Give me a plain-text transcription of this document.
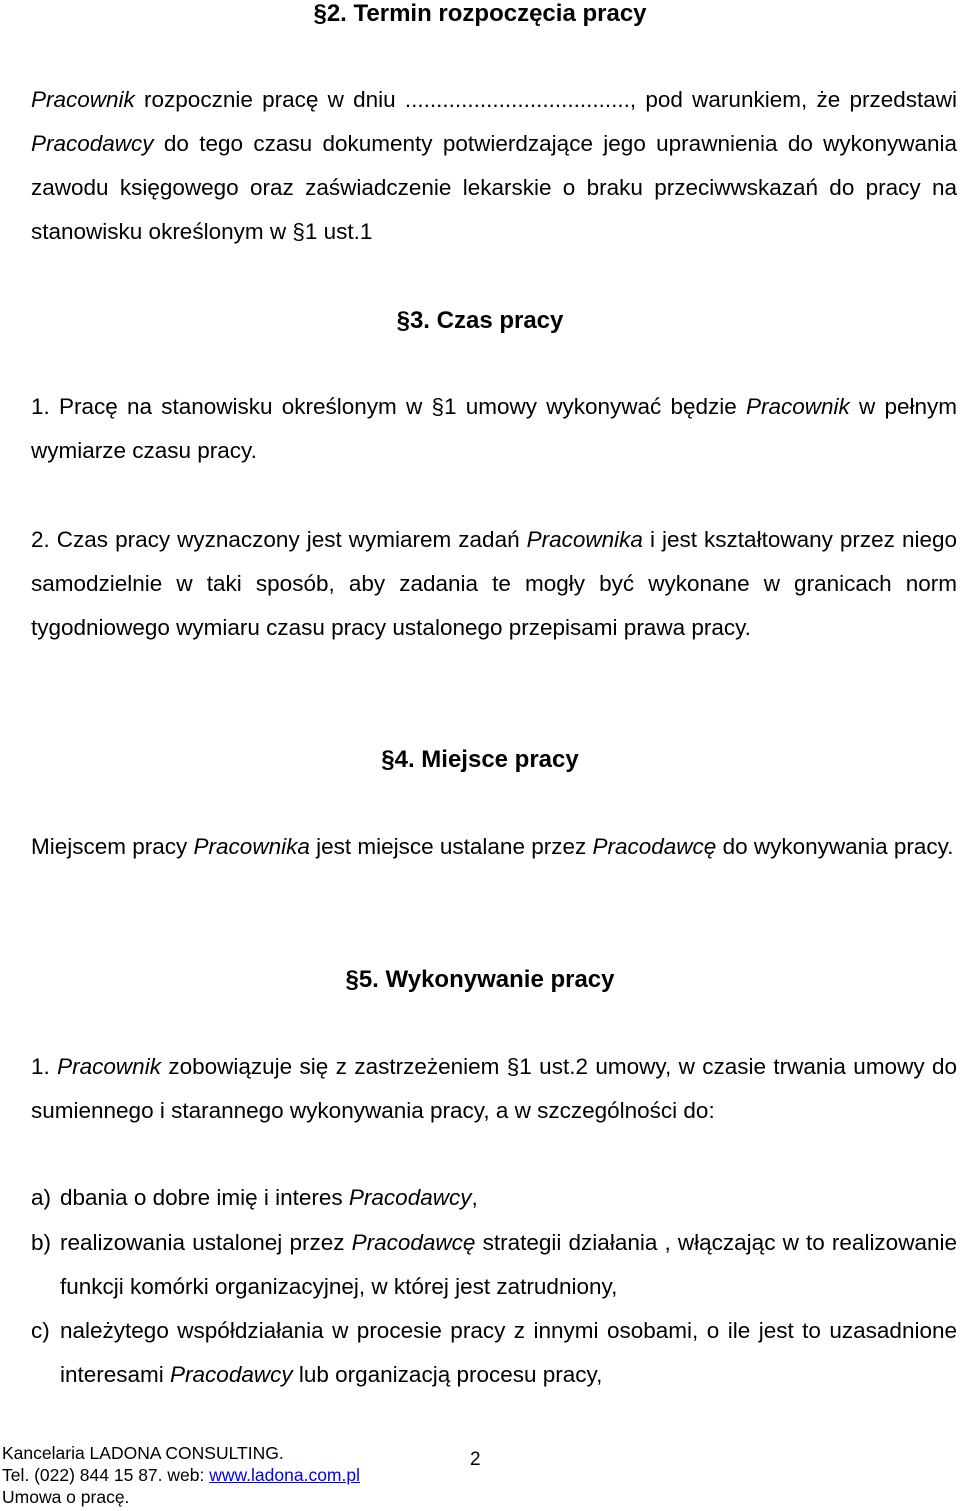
§2. Termin rozpoczęcia pracy

Pracownik rozpocznie pracę w dniu ...................................., pod warunkiem, że przedstawi Pracodawcy do tego czasu dokumenty potwierdzające jego uprawnienia do wykonywania zawodu księgowego oraz zaświadczenie lekarskie o braku przeciwwskazań do pracy na stanowisku określonym w §1 ust.1

§3. Czas pracy

1. Pracę na stanowisku określonym w §1 umowy wykonywać będzie Pracownik w pełnym wymiarze czasu pracy.

2. Czas pracy wyznaczony jest wymiarem zadań Pracownika i jest kształtowany przez niego samodzielnie w taki sposób, aby zadania te mogły być wykonane w granicach norm tygodniowego wymiaru czasu pracy ustalonego przepisami prawa pracy.

§4. Miejsce pracy

Miejscem pracy Pracownika jest miejsce ustalane przez Pracodawcę do wykonywania pracy.

§5. Wykonywanie pracy

1. Pracownik zobowiązuje się z zastrzeżeniem §1 ust.2 umowy, w czasie trwania umowy do sumiennego i starannego wykonywania pracy, a w szczególności do:

a) dbania o dobre imię i interes Pracodawcy,
b) realizowania ustalonej przez Pracodawcę strategii działania , włączając w to realizowanie funkcji komórki organizacyjnej, w której jest zatrudniony,
c) należytego współdziałania w procesie pracy z innymi osobami, o ile jest to uzasadnione interesami Pracodawcy lub organizacją procesu pracy,
Kancelaria LADONA CONSULTING.
Tel. (022) 844 15 87. web: www.ladona.com.pl
Umowa o pracę.
2
